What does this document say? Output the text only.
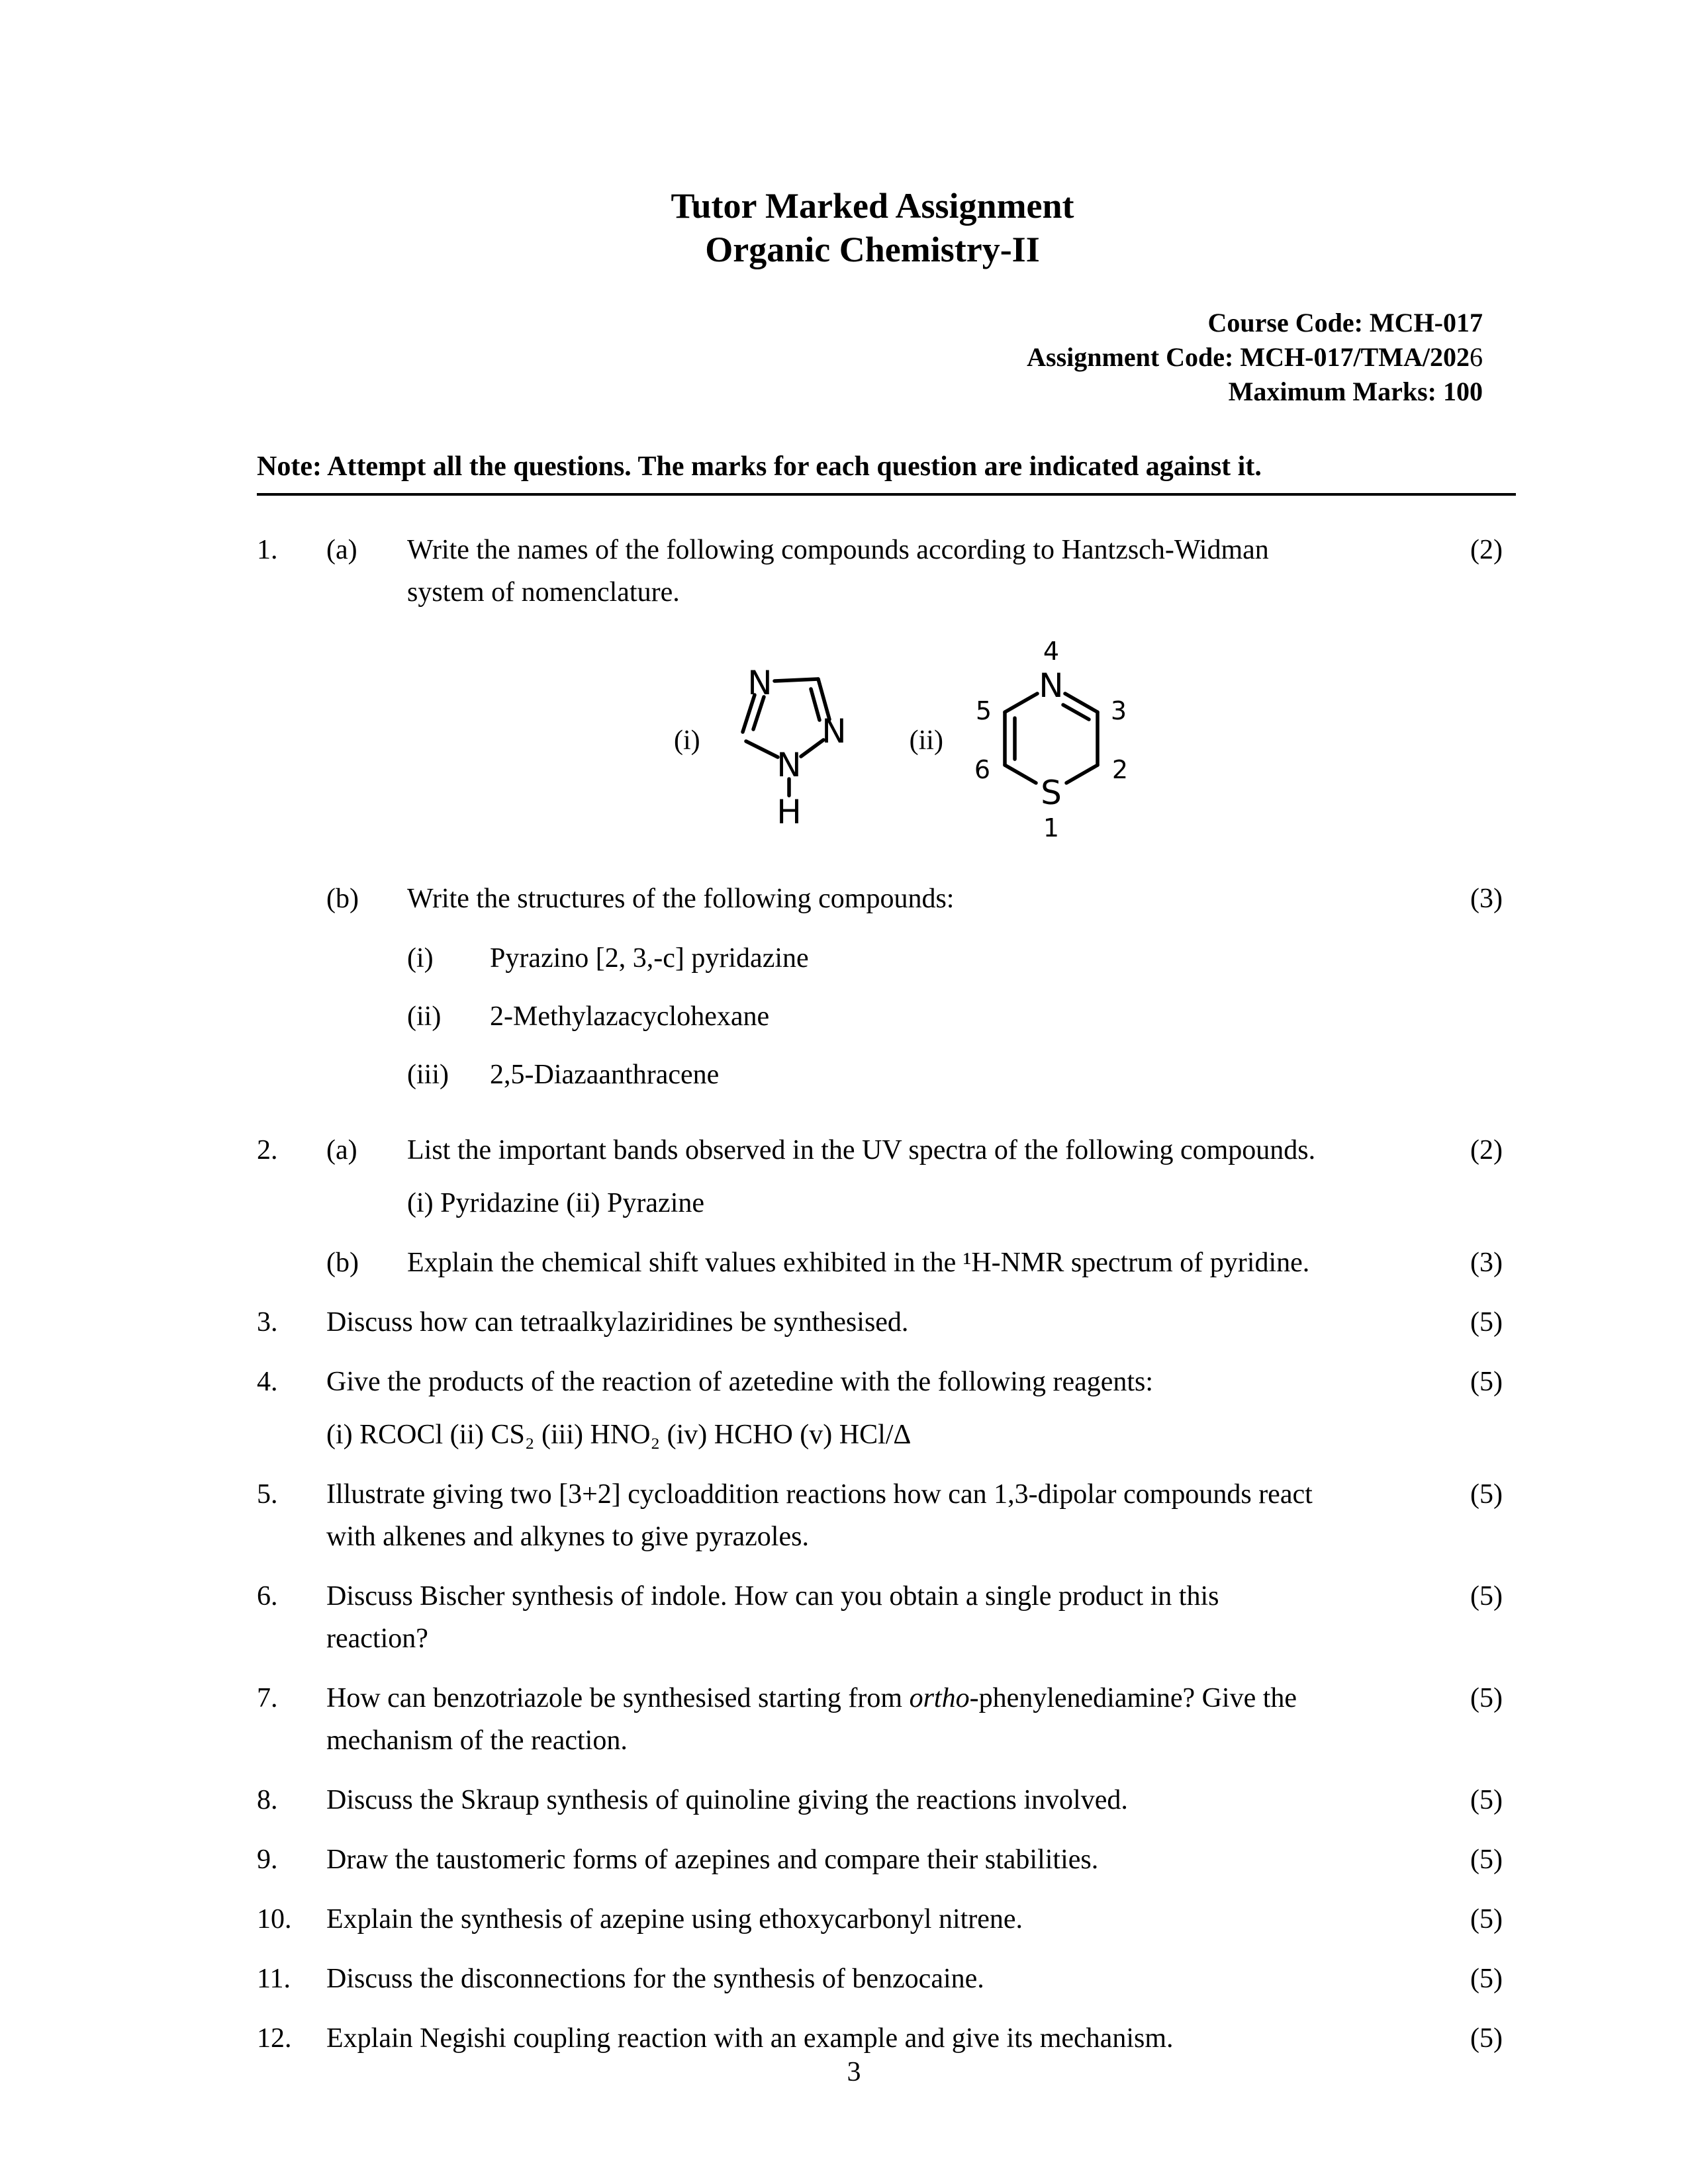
Tutor Marked Assignment
Organic Chemistry-II
Course Code: MCH-017
Assignment Code: MCH-017/TMA/2026
Maximum Marks: 100
Note: Attempt all the questions. The marks for each question are indicated against it.
1.	(a)	Write the names of the following compounds according to Hantzsch-Widman
system of nomenclature.
(2)
(i)
N
N
N
H
(ii)
N
S
4
3
2
1
6
5
(b)	Write the structures of the following compounds:
(i)	Pyrazino [2, 3,-c] pyridazine
(ii)	2-Methylazacyclohexane
(iii)	2,5-Diazaanthracene
(3)
2.	(a)	List the important bands observed in the UV spectra of the following compounds.
(i) Pyridazine (ii) Pyrazine
(2)
(b)	Explain the chemical shift values exhibited in the ¹H-NMR spectrum of pyridine.	(3)
3.	Discuss how can tetraalkylaziridines be synthesised.	(5)
4.	Give the products of the reaction of azetedine with the following reagents:
(i) RCOCl (ii) CS₂ (iii) HNO₂ (iv) HCHO (v) HCl/Δ
(5)
5.	Illustrate giving two [3+2] cycloaddition reactions how can 1,3-dipolar compounds react
with alkenes and alkynes to give pyrazoles.
(5)
6.	Discuss Bischer synthesis of indole. How can you obtain a single product in this
reaction?
(5)
7.	How can benzotriazole be synthesised starting from ortho-phenylenediamine? Give the
mechanism of the reaction.
(5)
8.	Discuss the Skraup synthesis of quinoline giving the reactions involved.	(5)
9.	Draw the taustomeric forms of azepines and compare their stabilities.	(5)
10.	Explain the synthesis of azepine using ethoxycarbonyl nitrene.	(5)
11.	Discuss the disconnections for the synthesis of benzocaine.	(5)
12.	Explain Negishi coupling reaction with an example and give its mechanism.	(5)
3
